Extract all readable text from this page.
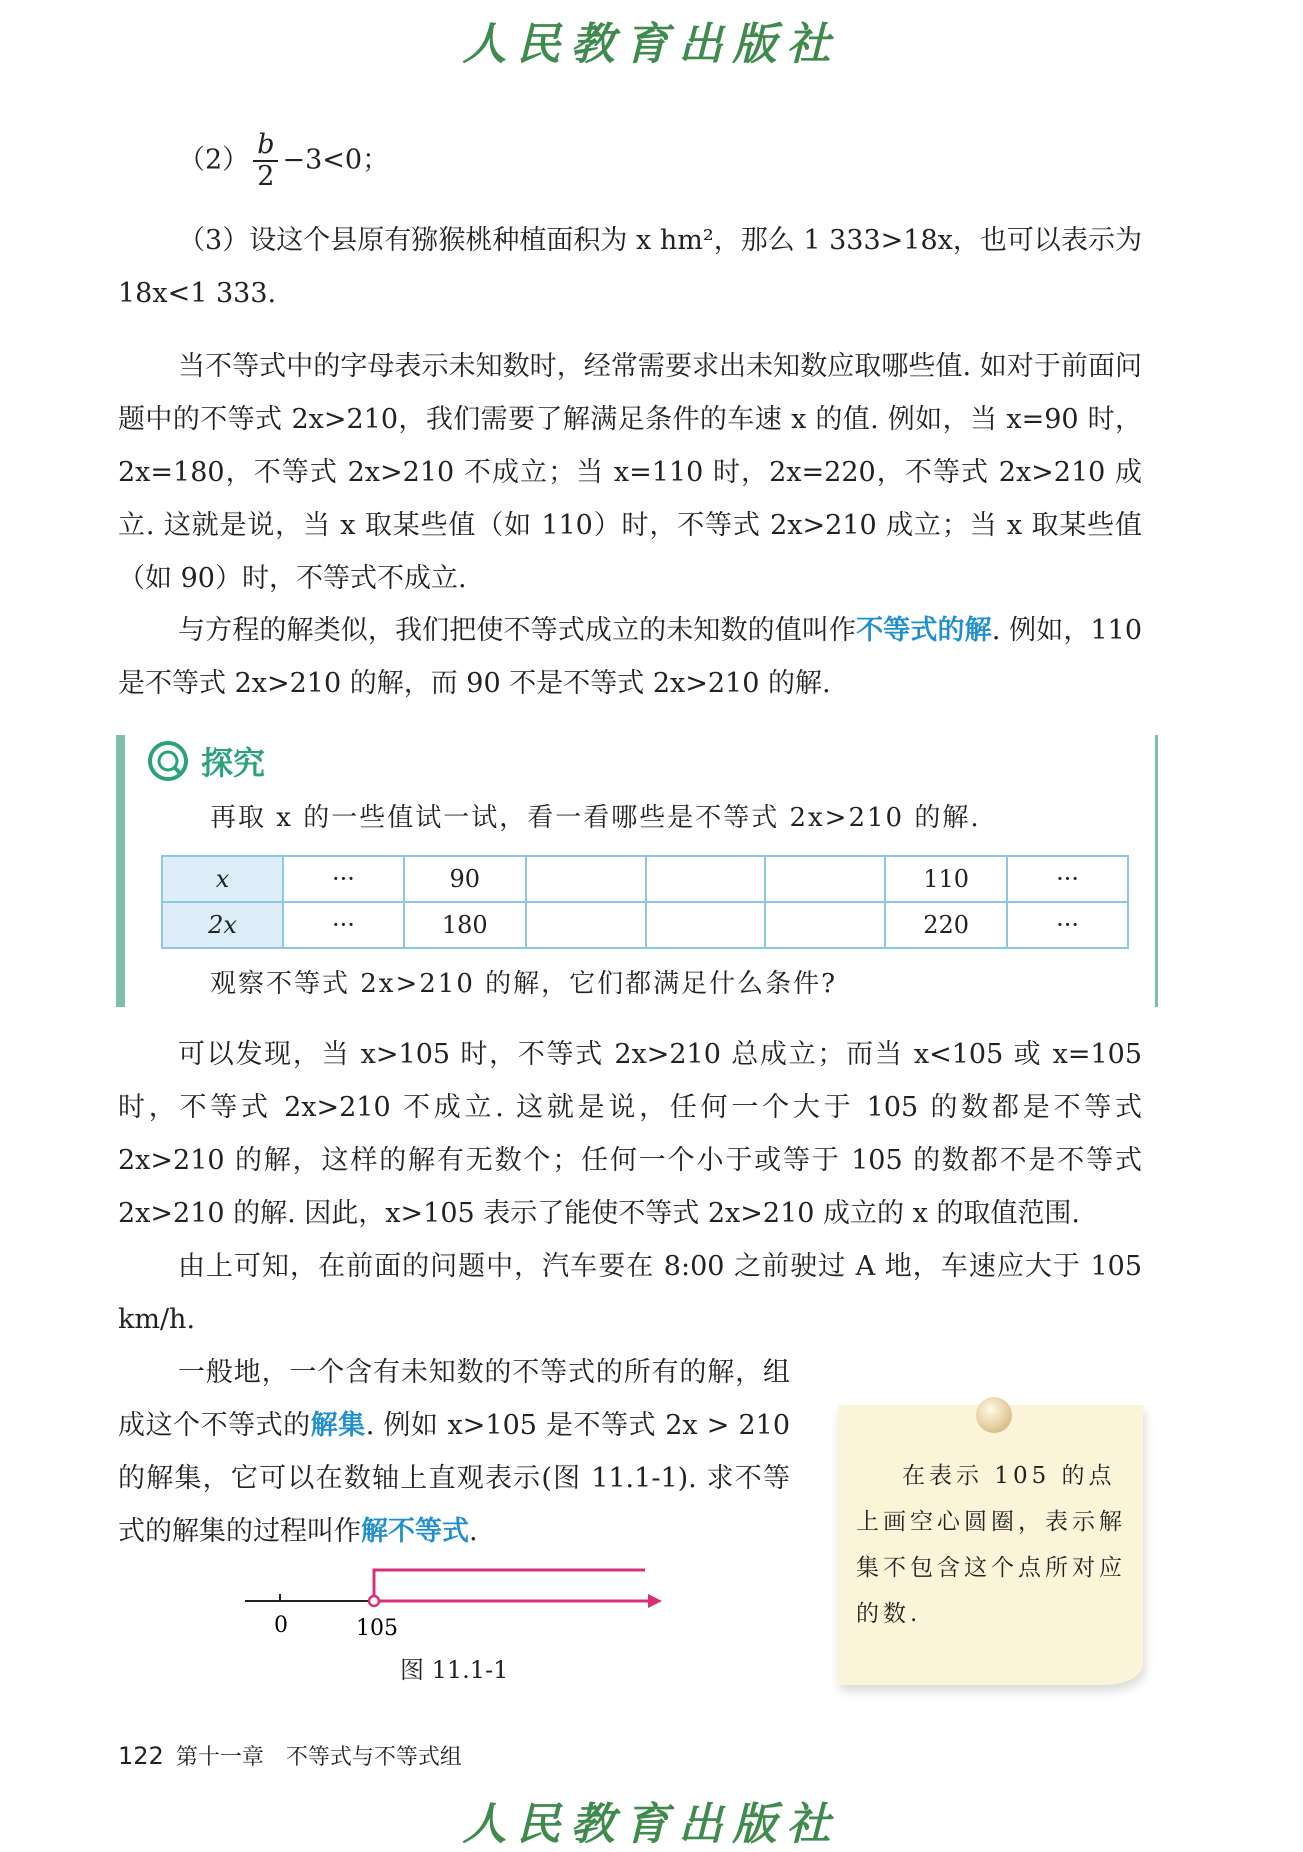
人民教育出版社
$(2) \frac{b}{2} -3<0$；
（3）设这个县原有猕猴桃种植面积为 x hm²，那么 1 333>18x，也可以表示为 18x<1 333.
当不等式中的字母表示未知数时，经常需要求出未知数应取哪些值. 如对于前面问题中的不等式 2x>210，我们需要了解满足条件的车速 x 的值. 例如，当 x=90 时，2x=180，不等式 2x>210 不成立；当 x=110 时，2x=220，不等式 2x>210 成立. 这就是说，当 x 取某些值（如 110）时，不等式 2x>210 成立；当 x 取某些值（如 90）时，不等式不成立.
与方程的解类似，我们把使不等式成立的未知数的值叫作不等式的解. 例如，110 是不等式 2x>210 的解，而 90 不是不等式 2x>210 的解.
探究
再取 x 的一些值试一试，看一看哪些是不等式 2x>210 的解.
x	···	90				110	···
2x	···	180				220	···
观察不等式 2x>210 的解，它们都满足什么条件?
可以发现，当 x>105 时，不等式 2x>210 总成立；而当 x<105 或 x=105 时，不等式 2x>210 不成立. 这就是说，任何一个大于 105 的数都是不等式 2x>210 的解，这样的解有无数个；任何一个小于或等于 105 的数都不是不等式 2x>210 的解. 因此，x>105 表示了能使不等式 2x>210 成立的 x 的取值范围.
由上可知，在前面的问题中，汽车要在 8:00 之前驶过 A 地，车速应大于 105 km/h.
一般地，一个含有未知数的不等式的所有的解，组成这个不等式的解集. 例如 x>105 是不等式 2x > 210 的解集，它可以在数轴上直观表示(图 11.1-1). 求不等式的解集的过程叫作解不等式.
0	105
图 11.1-1
在表示 105 的点上画空心圆圈，表示解集不包含这个点所对应的数.
122 第十一章　不等式与不等式组
人民教育出版社
